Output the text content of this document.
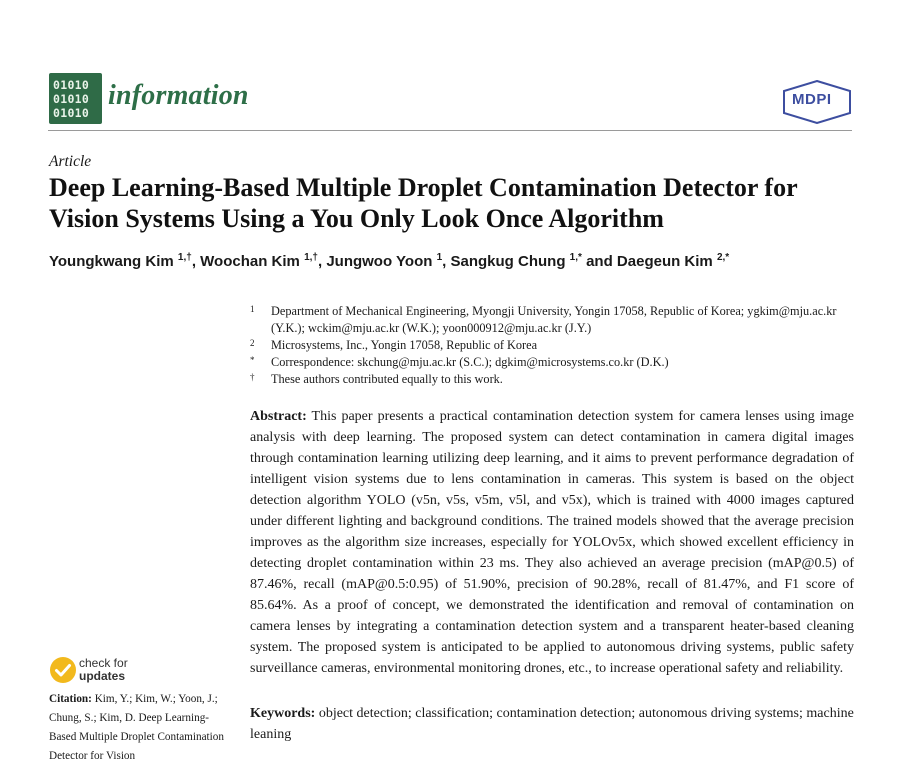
01010
01010
01010
information	MDPI
Article
Deep Learning-Based Multiple Droplet Contamination Detector for Vision Systems Using a You Only Look Once Algorithm
Youngkwang Kim $^{1,\dagger}$, Woochan Kim $^{1,\dagger}$, Jungwoo Yoon $^1$, Sangkug Chung $^{1,*}$ and Daegeun Kim $^{2,*}$
1 Department of Mechanical Engineering, Myongji University, Yongin 17058, Republic of Korea; ygkim@mju.ac.kr (Y.K.); wckim@mju.ac.kr (W.K.); yoon000912@mju.ac.kr (J.Y.)
2 Microsystems, Inc., Yongin 17058, Republic of Korea
* Correspondence: skchung@mju.ac.kr (S.C.); dgkim@microsystems.co.kr (D.K.)
† These authors contributed equally to this work.

Abstract: This paper presents a practical contamination detection system for camera lenses using image analysis with deep learning. The proposed system can detect contamination in camera digital images through contamination learning utilizing deep learning, and it aims to prevent performance degradation of intelligent vision systems due to lens contamination in cameras. This system is based on the object detection algorithm YOLO (v5n, v5s, v5m, v5l, and v5x), which is trained with 4000 images captured under different lighting and background conditions. The trained models showed that the average precision improves as the algorithm size increases, especially for YOLOv5x, which showed excellent efficiency in detecting droplet contamination within 23 ms. They also achieved an average precision (mAP@0.5) of 87.46%, recall (mAP@0.5:0.95) of 51.90%, precision of 90.28%, recall of 81.47%, and F1 score of 85.64%. As a proof of concept, we demonstrated the identification and removal of contamination on camera lenses by integrating a contamination detection system and a transparent heater-based cleaning system. The proposed system is anticipated to be applied to autonomous driving systems, public safety surveillance cameras, environmental monitoring drones, etc., to increase operational safety and reliability.

Keywords: object detection; classification; contamination detection; autonomous driving systems; machine leaning

check for
updates

Citation: Kim, Y.; Kim, W.; Yoon, J.; Chung, S.; Kim, D. Deep Learning-Based Multiple Droplet Contamination Detector for Vision
